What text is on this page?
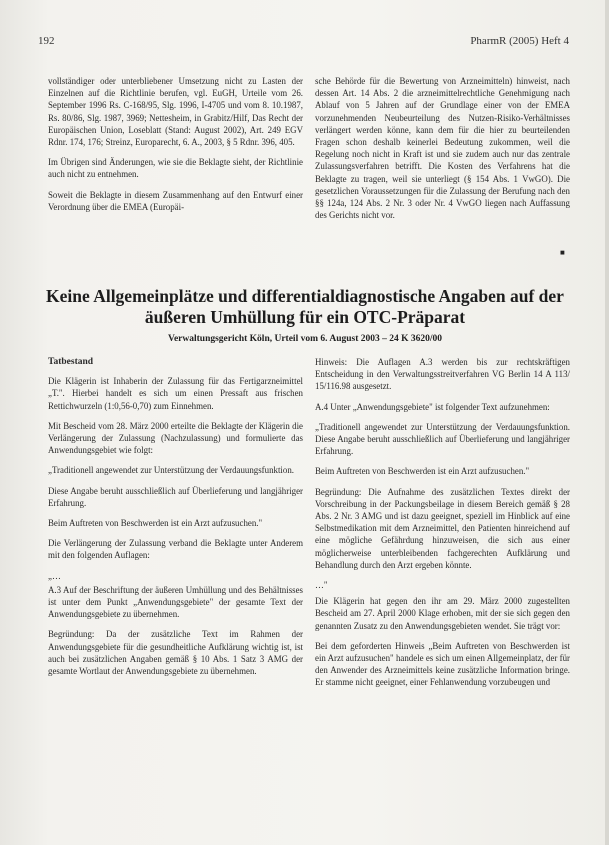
192	PharmR (2005) Heft 4

vollständiger oder unterbliebener Umsetzung nicht zu Lasten der Einzelnen auf die Richtlinie berufen, vgl. EuGH, Urteile vom 26. September 1996 Rs. C-168/95, Slg. 1996, I-4705 und vom 8. 10.1987, Rs. 80/86, Slg. 1987, 3969; Nettesheim, in Grabitz/Hilf, Das Recht der Europäischen Union, Loseblatt (Stand: August 2002), Art. 249 EGV Rdnr. 174, 176; Streinz, Europarecht, 6. A., 2003, § 5 Rdnr. 396, 405.

Im Übrigen sind Änderungen, wie sie die Beklagte sieht, der Richtlinie auch nicht zu entnehmen.

Soweit die Beklagte in diesem Zusammenhang auf den Entwurf einer Verordnung über die EMEA (Europäi-

sche Behörde für die Bewertung von Arzneimitteln) hinweist, nach dessen Art. 14 Abs. 2 die arzneimittelrechtliche Genehmigung nach Ablauf von 5 Jahren auf der Grundlage einer von der EMEA vorzunehmenden Neubeurteilung des Nutzen-Risiko-Verhältnisses verlängert werden könne, kann dem für die hier zu beurteilenden Fragen schon deshalb keinerlei Bedeutung zukommen, weil die Regelung noch nicht in Kraft ist und sie zudem auch nur das zentrale Zulassungsverfahren betrifft. Die Kosten des Verfahrens hat die Beklagte zu tragen, weil sie unterliegt (§ 154 Abs. 1 VwGO). Die gesetzlichen Voraussetzungen für die Zulassung der Berufung nach den §§ 124a, 124 Abs. 2 Nr. 3 oder Nr. 4 VwGO liegen nach Auffassung des Gerichts nicht vor.

■

Keine Allgemeinplätze und differentialdiagnostische Angaben auf der
äußeren Umhüllung für ein OTC-Präparat

Verwaltungsgericht Köln, Urteil vom 6. August 2003 – 24 K 3620/00
Tatbestand

Die Klägerin ist Inhaberin der Zulassung für das Fertigarzneimittel „T.". Hierbei handelt es sich um einen Pressaft aus frischen Rettichwurzeln (1:0,56-0,70) zum Einnehmen.

Mit Bescheid vom 28. März 2000 erteilte die Beklagte der Klägerin die Verlängerung der Zulassung (Nachzulassung) und formulierte das Anwendungsgebiet wie folgt:

„Traditionell angewendet zur Unterstützung der Verdauungsfunktion.

Diese Angabe beruht ausschließlich auf Überlieferung und langjähriger Erfahrung.

Beim Auftreten von Beschwerden ist ein Arzt aufzusuchen."

Die Verlängerung der Zulassung verband die Beklagte unter Anderem mit den folgenden Auflagen:

„…

A.3 Auf der Beschriftung der äußeren Umhüllung und des Behältnisses ist unter dem Punkt „Anwendungsgebiete" der gesamte Text der Anwendungsgebiete zu übernehmen.

Begründung: Da der zusätzliche Text im Rahmen der Anwendungsgebiete für die gesundheitliche Aufklärung wichtig ist, ist auch bei zusätzlichen Angaben gemäß § 10 Abs. 1 Satz 3 AMG der gesamte Wortlaut der Anwendungsgebiete zu übernehmen.

Hinweis: Die Auflagen A.3 werden bis zur rechtskräftigen Entscheidung in den Verwaltungsstreitverfahren VG Berlin 14 A 113/ 15/116.98 ausgesetzt.

A.4 Unter „Anwendungsgebiete" ist folgender Text aufzunehmen:

„Traditionell angewendet zur Unterstützung der Verdauungsfunktion. Diese Angabe beruht ausschließlich auf Überlieferung und langjähriger Erfahrung.

Beim Auftreten von Beschwerden ist ein Arzt aufzusuchen."

Begründung: Die Aufnahme des zusätzlichen Textes direkt der Vorschreibung in der Packungsbeilage in diesem Bereich gemäß § 28 Abs. 2 Nr. 3 AMG und ist dazu geeignet, speziell im Hinblick auf eine Selbstmedikation mit dem Arzneimittel, den Patienten hinreichend auf eine mögliche Gefährdung hinzuweisen, die sich aus einer möglicherweise unterbleibenden fachgerechten Aufklärung und Behandlung durch den Arzt ergeben könnte.

…"

Die Klägerin hat gegen den ihr am 29. März 2000 zugestellten Bescheid am 27. April 2000 Klage erhoben, mit der sie sich gegen den genannten Zusatz zu den Anwendungsgebieten wendet. Sie trägt vor:

Bei dem geforderten Hinweis „Beim Auftreten von Beschwerden ist ein Arzt aufzusuchen" handele es sich um einen Allgemeinplatz, der für den Anwender des Arzneimittels keine zusätzliche Information bringe. Er stamme nicht geeignet, einer Fehlanwendung vorzubeugen und
